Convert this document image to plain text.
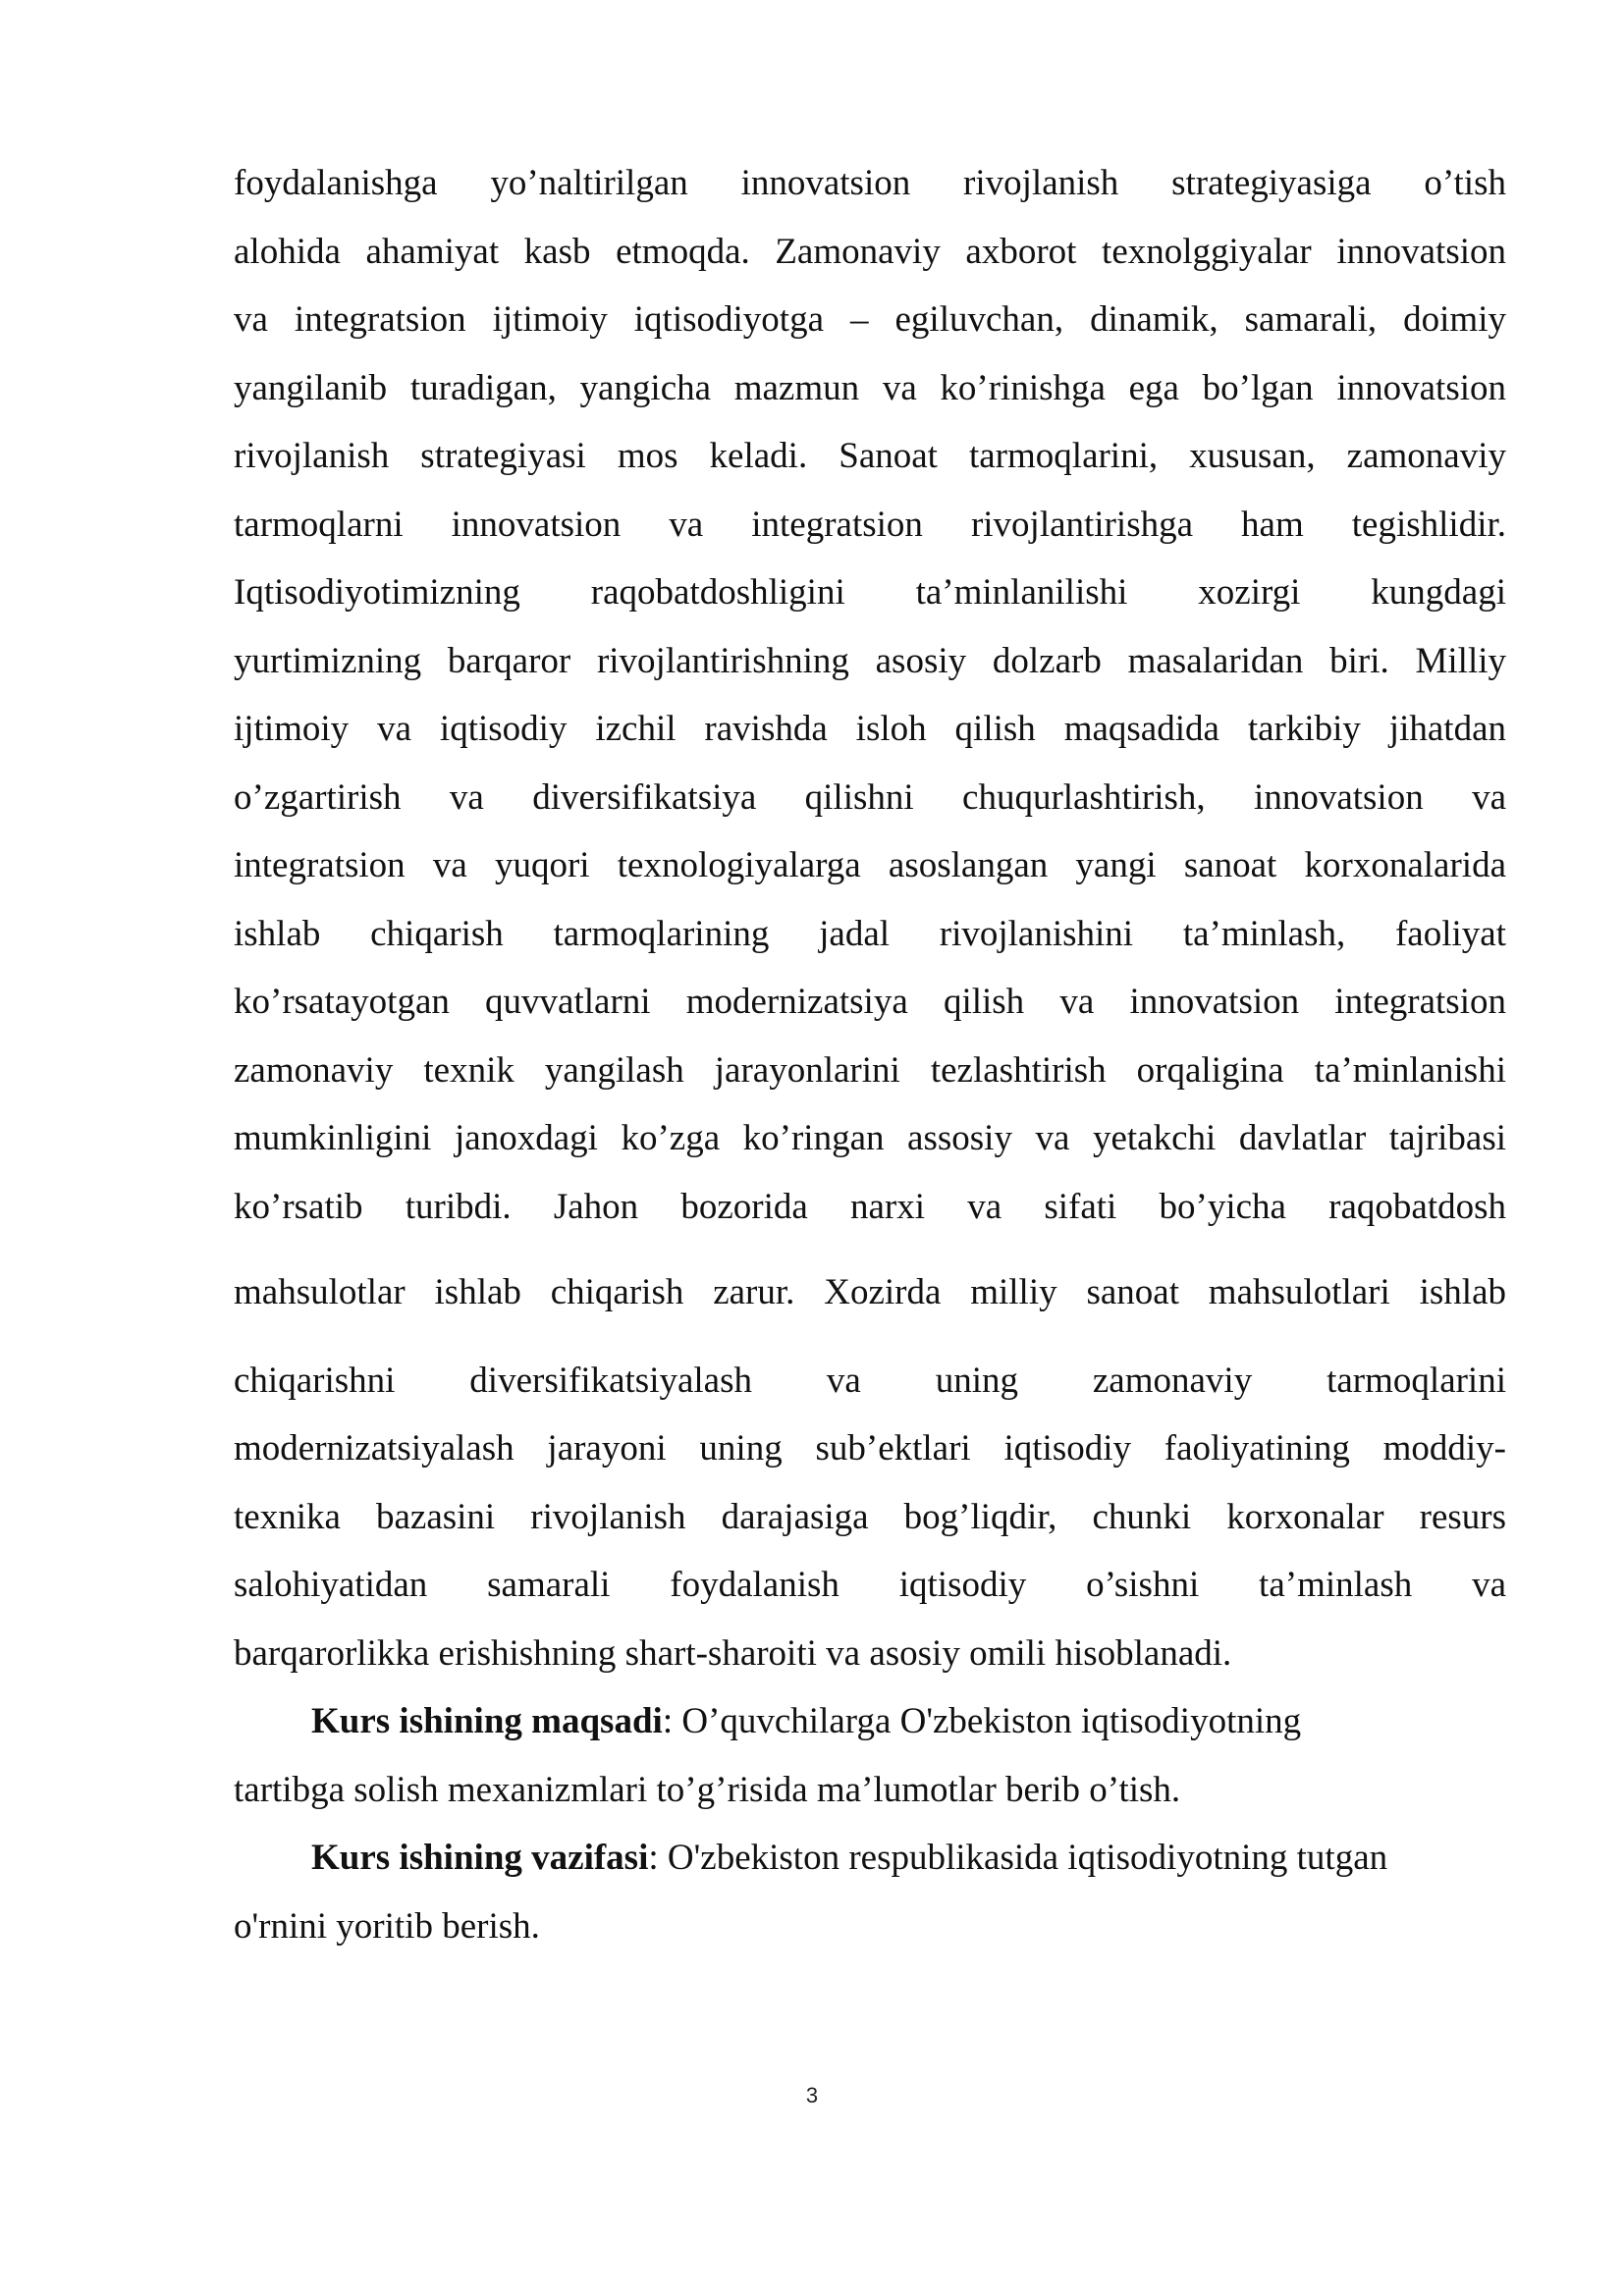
foydalanishga yo’naltirilgan innovatsion rivojlanish strategiyasiga o’tish
alohida ahamiyat kasb etmoqda. Zamonaviy axborot texnolggiyalar innovatsion
va integratsion ijtimoiy iqtisodiyotga – egiluvchan, dinamik, samarali, doimiy
yangilanib turadigan, yangicha mazmun va ko’rinishga ega bo’lgan innovatsion
rivojlanish strategiyasi mos keladi. Sanoat tarmoqlarini, xususan, zamonaviy
tarmoqlarni innovatsion va integratsion rivojlantirishga ham tegishlidir.
Iqtisodiyotimizning raqobatdoshligini ta’minlanilishi xozirgi kungdagi
yurtimizning barqaror rivojlantirishning asosiy dolzarb masalaridan biri. Milliy
ijtimoiy va iqtisodiy izchil ravishda isloh qilish maqsadida tarkibiy jihatdan
o’zgartirish va diversifikatsiya qilishni chuqurlashtirish, innovatsion va
integratsion va yuqori texnologiyalarga asoslangan yangi sanoat korxonalarida
ishlab chiqarish tarmoqlarining jadal rivojlanishini ta’minlash, faoliyat
ko’rsatayotgan quvvatlarni modernizatsiya qilish va innovatsion integratsion
zamonaviy texnik yangilash jarayonlarini tezlashtirish orqaligina ta’minlanishi
mumkinligini janoxdagi ko’zga ko’ringan assosiy va yetakchi davlatlar tajribasi
ko’rsatib turibdi. Jahon bozorida narxi va sifati bo’yicha raqobatdosh
mahsulotlar ishlab chiqarish zarur. Xozirda milliy sanoat mahsulotlari ishlab
chiqarishni diversifikatsiyalash va uning zamonaviy tarmoqlarini
modernizatsiyalash jarayoni uning sub’ektlari iqtisodiy faoliyatining moddiy-
texnika bazasini rivojlanish darajasiga bog’liqdir, chunki korxonalar resurs
salohiyatidan samarali foydalanish iqtisodiy o’sishni ta’minlash va
barqarorlikka erishishning shart-sharoiti va asosiy omili hisoblanadi.
Kurs ishining maqsadi: O’quvchilarga O'zbekiston iqtisodiyotning
tartibga solish mexanizmlari to’g’risida ma’lumotlar berib o’tish.
Kurs ishining vazifasi: O'zbekiston respublikasida iqtisodiyotning tutgan
o'rnini yoritib berish.
3
